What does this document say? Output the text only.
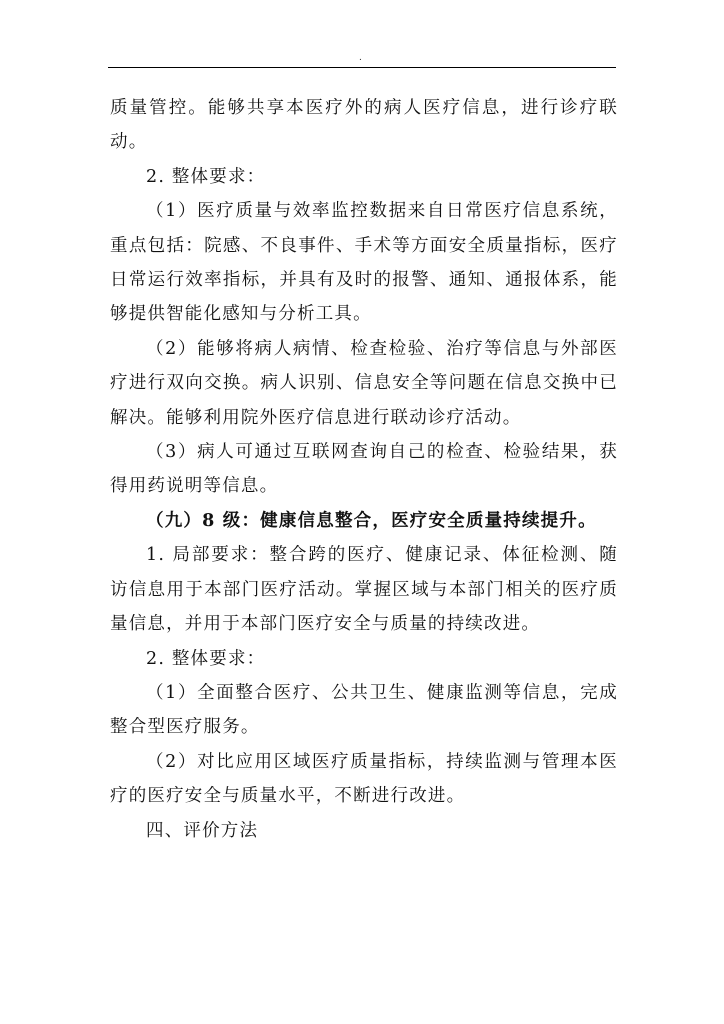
.

质量管控。能够共享本医疗外的病人医疗信息，进行诊疗联动。

2. 整体要求：

（1）医疗质量与效率监控数据来自日常医疗信息系统，重点包括：院感、不良事件、手术等方面安全质量指标，医疗日常运行效率指标，并具有及时的报警、通知、通报体系，能够提供智能化感知与分析工具。

（2）能够将病人病情、检查检验、治疗等信息与外部医疗进行双向交换。病人识别、信息安全等问题在信息交换中已解决。能够利用院外医疗信息进行联动诊疗活动。

（3）病人可通过互联网查询自己的检查、检验结果，获得用药说明等信息。

（九）8 级：健康信息整合，医疗安全质量持续提升。

1. 局部要求：整合跨的医疗、健康记录、体征检测、随访信息用于本部门医疗活动。掌握区域与本部门相关的医疗质量信息，并用于本部门医疗安全与质量的持续改进。

2. 整体要求：

（1）全面整合医疗、公共卫生、健康监测等信息，完成整合型医疗服务。

（2）对比应用区域医疗质量指标，持续监测与管理本医疗的医疗安全与质量水平，不断进行改进。

四、评价方法
